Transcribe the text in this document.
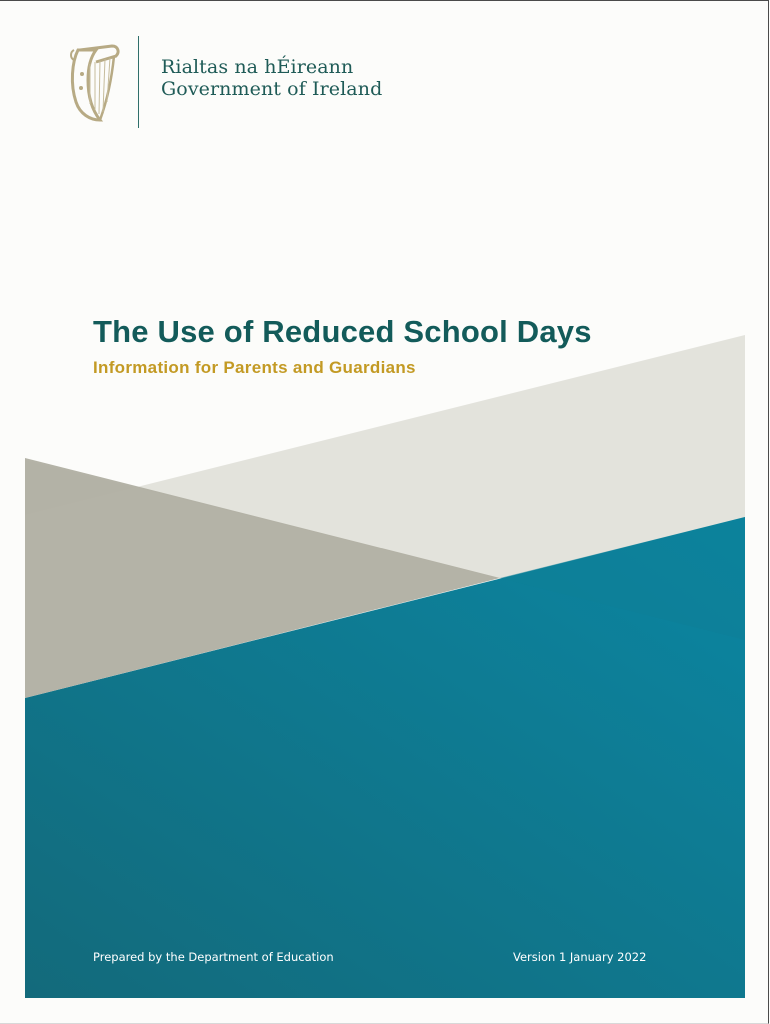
Rialtas na hÉireann
Government of Ireland
The Use of Reduced School Days
Information for Parents and Guardians
Prepared by the Department of Education	Version 1 January 2022
